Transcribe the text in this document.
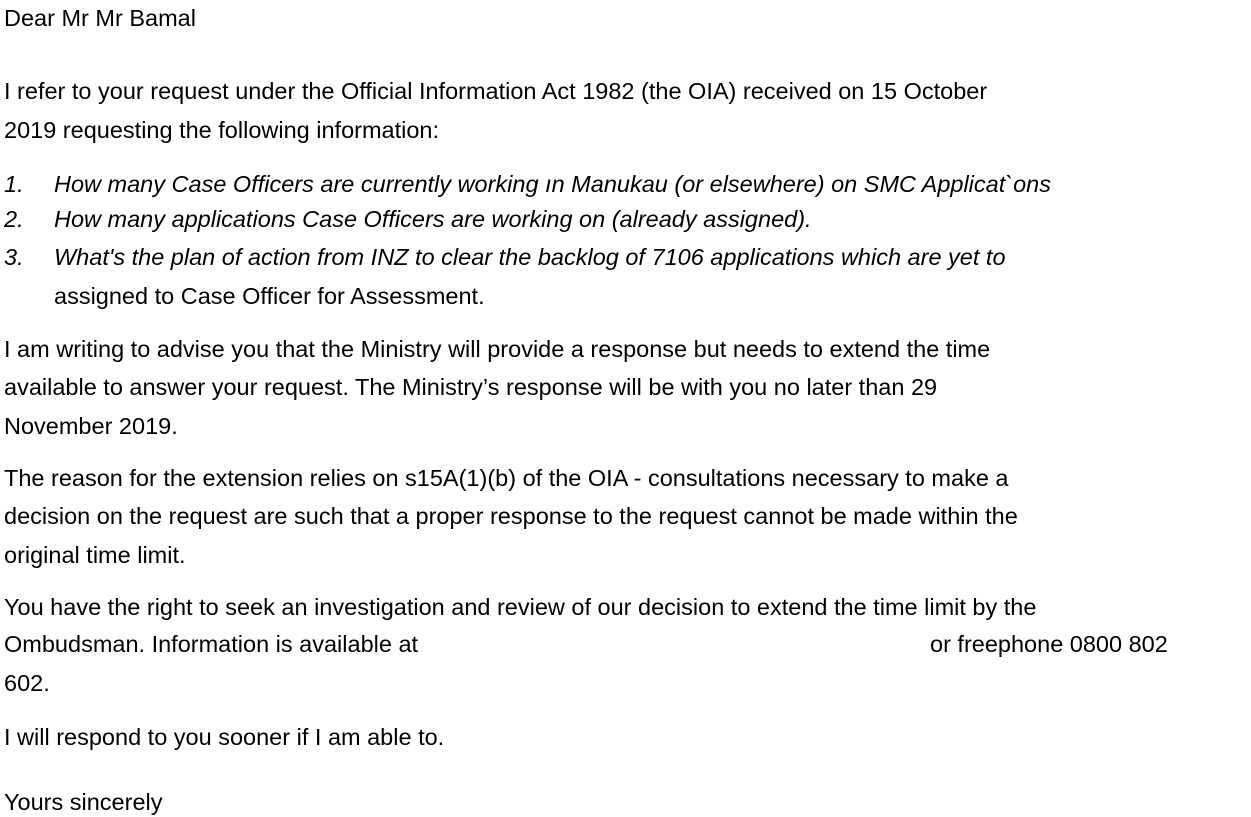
Dear Mr Mr Bamal
I refer to your request under the Official Information Act 1982 (the OIA) received on 15 October
2019 requesting the following information:
1. How many Case Officers are currently working ın Manukau (or elsewhere) on SMC Applicat`ons
2. How many applications Case Officers are working on (already assigned).
3. What's the plan of action from INZ to clear the backlog of 7106 applications which are yet to
assigned to Case Officer for Assessment.
I am writing to advise you that the Ministry will provide a response but needs to extend the time
available to answer your request. The Ministry’s response will be with you no later than 29
November 2019.
The reason for the extension relies on s15A(1)(b) of the OIA - consultations necessary to make a
decision on the request are such that a proper response to the request cannot be made within the
original time limit.
You have the right to seek an investigation and review of our decision to extend the time limit by the
Ombudsman. Information is available at	or freephone 0800 802
602.
I will respond to you sooner if I am able to.
Yours sincerely
